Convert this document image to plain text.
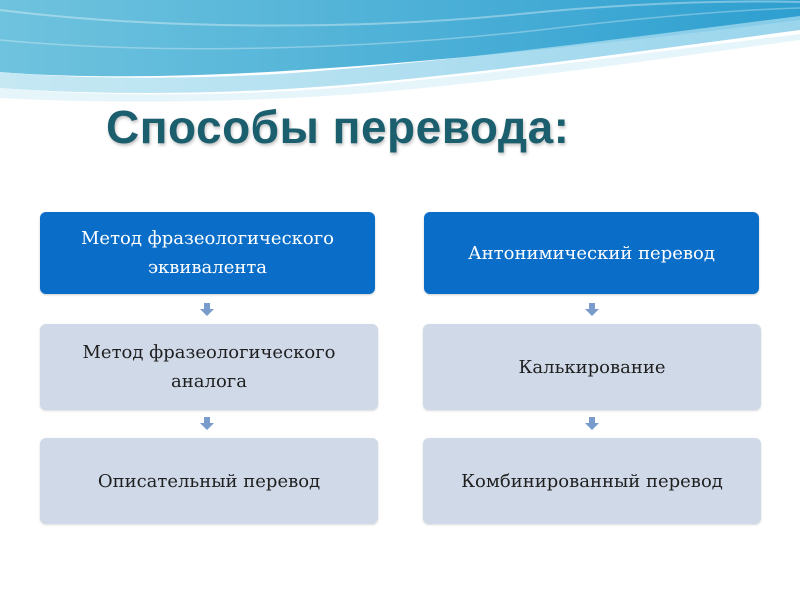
Способы перевода:
Метод фразеологического эквивалента
Метод фразеологического аналога
Описательный перевод
Антонимический перевод
Калькирование
Комбинированный перевод
